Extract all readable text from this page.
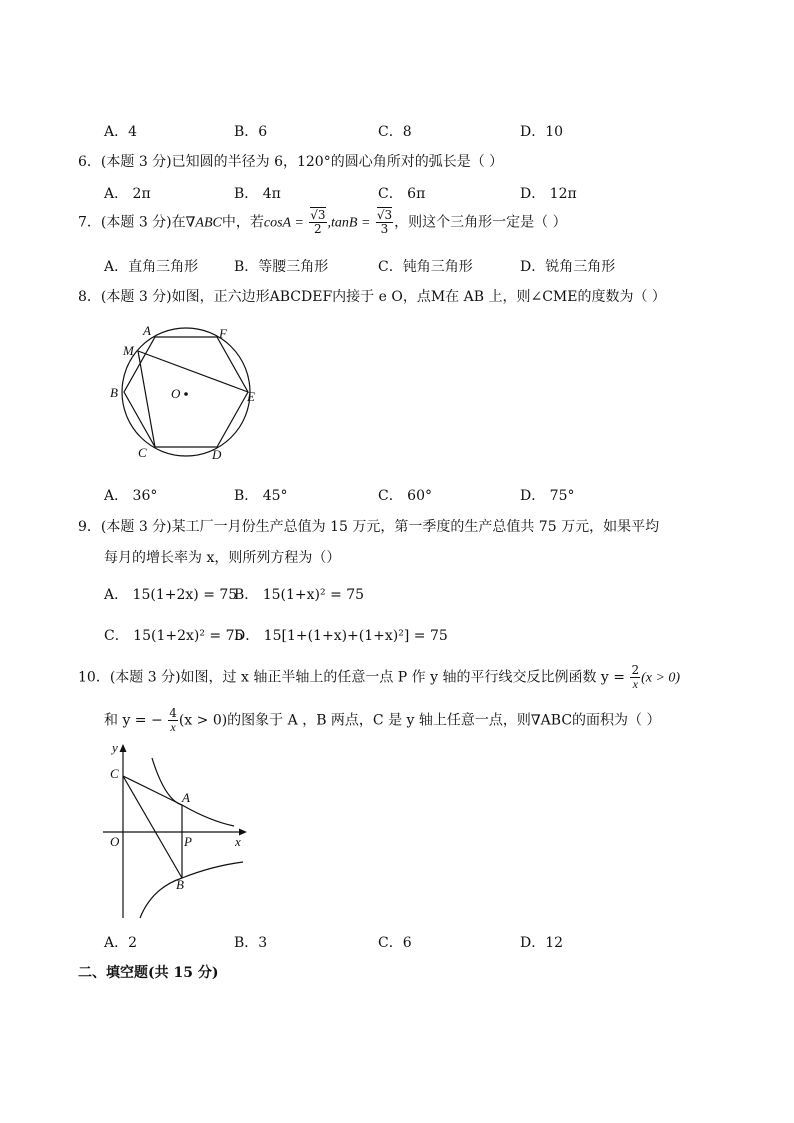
A．4	B．6	C．8	D．10
6．(本题 3 分)已知圆的半径为 6，120°的圆心角所对的弧长是（ ）
A． 2π	B． 4π	C． 6π	D． 12π
7．(本题 3 分)在∇ABC中，若$\cos A = \frac{√3}{2} ,\tan B = \frac{√3}{3}$ ，则这个三角形一定是（ ）
A．直角三角形	B．等腰三角形	C．钝角三角形	D．锐角三角形
8．(本题 3 分)如图，正六边形ABCDEF内接于 e O，点M在 AB 上，则∠CME的度数为（ ）
A	F
M
B	O	E
C	D
A． 36°	B． 45°	C． 60°	D． 75°
9．(本题 3 分)某工厂一月份生产总值为 15 万元，第一季度的生产总值共 75 万元，如果平均
每月的增长率为 x，则所列方程为（）
A． 15(1+2x) = 75
B． 15(1+x)² = 75
C． 15(1+2x)² = 75
D． 15[1+(1+x)+(1+x)²] = 75
10．(本题 3 分)如图，过 x 轴正半轴上的任意一点 P 作 y 轴的平行线交反比例函数 $y = \frac{2}{x} (x > 0)$
和 y = − $\frac{4}{x} (x > 0)$的图象于 A ，B 两点，C 是 y 轴上任意一点，则∇ABC的面积为（ ）
y
C
A
O	P	x
B
A．2	B．3	C．6	D．12
二、填空题(共 15 分)
